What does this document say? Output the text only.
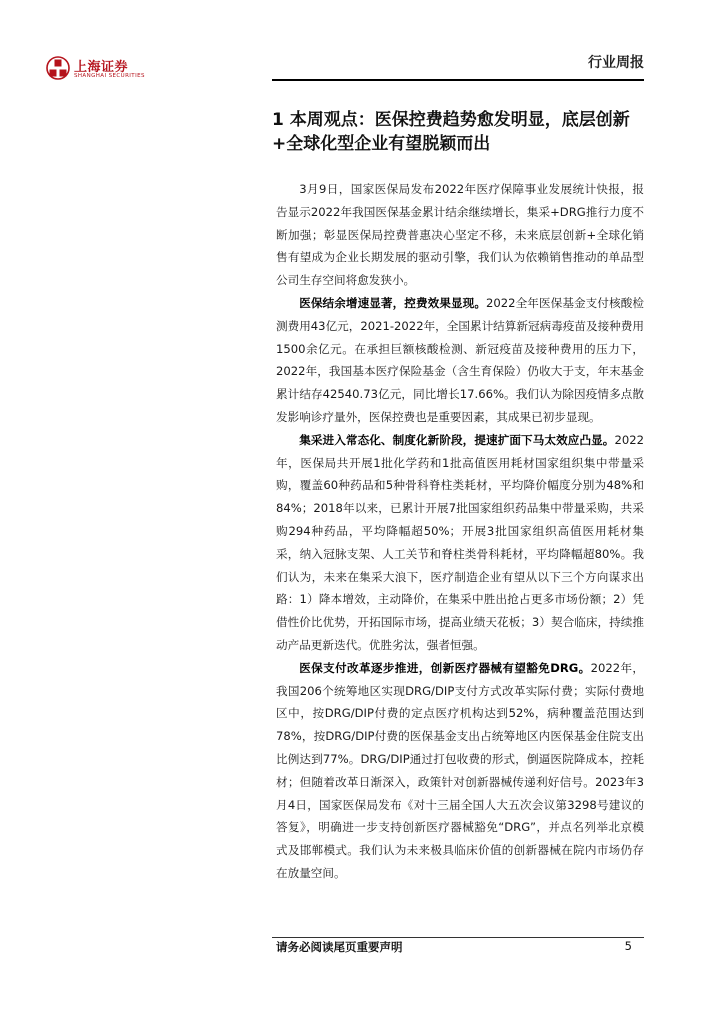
上海证券
SHANGHAI SECURITIES
行业周报
1 本周观点：医保控费趋势愈发明显，底层创新+全球化型企业有望脱颖而出

3月9日，国家医保局发布2022年医疗保障事业发展统计快报，报告显示2022年我国医保基金累计结余继续增长，集采+DRG推行力度不断加强；彰显医保局控费普惠决心坚定不移，未来底层创新+全球化销售有望成为企业长期发展的驱动引擎，我们认为依赖销售推动的单品型公司生存空间将愈发狭小。

医保结余增速显著，控费效果显现。2022全年医保基金支付核酸检测费用43亿元，2021-2022年，全国累计结算新冠病毒疫苗及接种费用1500余亿元。在承担巨额核酸检测、新冠疫苗及接种费用的压力下，2022年，我国基本医疗保险基金（含生育保险）仍收大于支，年末基金累计结存42540.73亿元，同比增长17.66%。我们认为除因疫情多点散发影响诊疗量外，医保控费也是重要因素，其成果已初步显现。

集采进入常态化、制度化新阶段，提速扩面下马太效应凸显。2022年，医保局共开展1批化学药和1批高值医用耗材国家组织集中带量采购，覆盖60种药品和5种骨科脊柱类耗材，平均降价幅度分别为48%和84%；2018年以来，已累计开展7批国家组织药品集中带量采购，共采购294种药品，平均降幅超50%；开展3批国家组织高值医用耗材集采，纳入冠脉支架、人工关节和脊柱类骨科耗材，平均降幅超80%。我们认为，未来在集采大浪下，医疗制造企业有望从以下三个方向谋求出路：1）降本增效，主动降价，在集采中胜出抢占更多市场份额；2）凭借性价比优势，开拓国际市场，提高业绩天花板；3）契合临床，持续推动产品更新迭代。优胜劣汰，强者恒强。

医保支付改革逐步推进，创新医疗器械有望豁免DRG。2022年，我国206个统筹地区实现DRG/DIP支付方式改革实际付费；实际付费地区中，按DRG/DIP付费的定点医疗机构达到52%，病种覆盖范围达到78%，按DRG/DIP付费的医保基金支出占统筹地区内医保基金住院支出比例达到77%。DRG/DIP通过打包收费的形式，倒逼医院降成本，控耗材；但随着改革日渐深入，政策针对创新器械传递利好信号。2023年3月4日，国家医保局发布《对十三届全国人大五次会议第3298号建议的答复》，明确进一步支持创新医疗器械豁免“DRG”，并点名列举北京模式及邯郸模式。我们认为未来极具临床价值的创新器械在院内市场仍存在放量空间。

请务必阅读尾页重要声明	5
